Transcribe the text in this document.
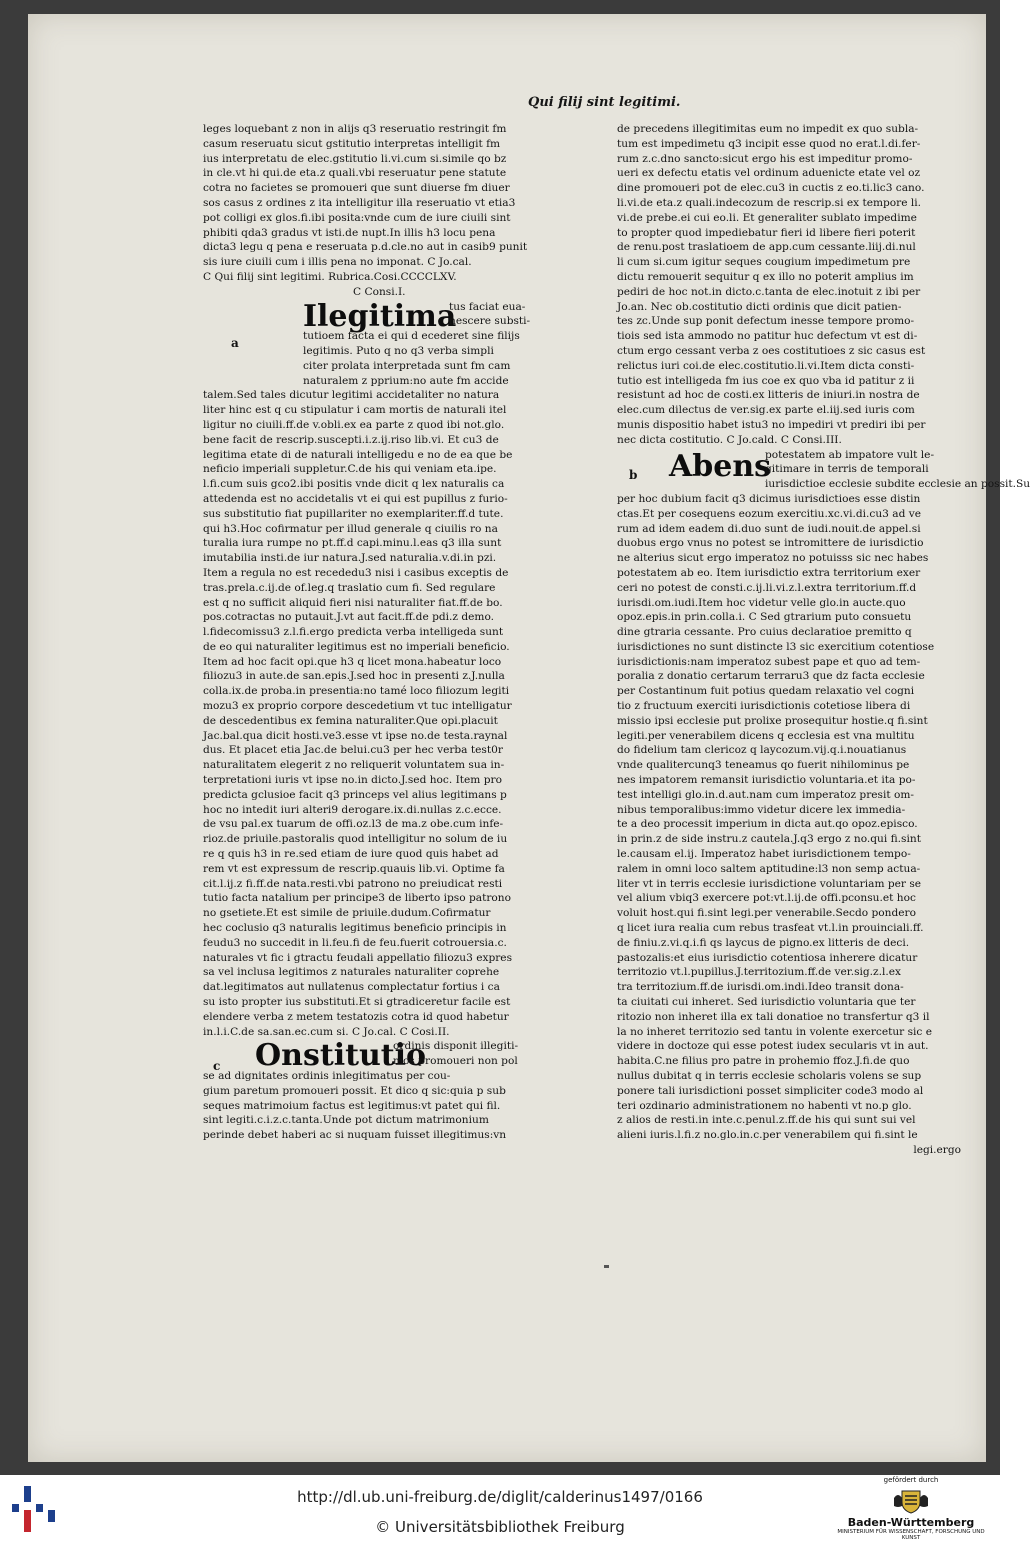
Qui filij sint legitimi.
leges loquebant z non in alijs q3 reseruatio restringit fm
casum reseruatu sicut gstitutio interpretas intelligit fm
ius interpretatu de elec.gstitutio li.vi.cum si.simile qo bz
in cle.vt hi qui.de eta.z quali.vbi reseruatur pene statute
cotra no facietes se promoueri que sunt diuerse fm diuer
sos casus z ordines z ita intelligitur illa reseruatio vt etia3
pot colligi ex glos.fi.ibi posita:vnde cum de iure ciuili sint
phibiti qda3 gradus vt isti.de nupt.In illis h3 locu pena
dicta3 legu q pena e reseruata p.d.cle.no aut in casib9 punit
sis iure ciuili cum i illis pena no imponat. C Jo.cal.
C Qui filij sint legitimi. Rubrica.Cosi.CCCCLXV.
C Consi.I.
Ilegitima
tus faciat eua-
nescere substi-
a	tutioem facta ei qui d ecederet sine filijs
legitimis. Puto q no q3 verba simpli
citer prolata interpretada sunt fm cam
naturalem z pprium:no aute fm accide
talem.Sed tales dicutur legitimi accidetaliter no natura
liter hinc est q cu stipulatur i cam mortis de naturali itel
ligitur no ciuili.ff.de v.obli.ex ea parte z quod ibi not.glo.
bene facit de rescrip.suscepti.i.z.ij.riso lib.vi. Et cu3 de
legitima etate di de naturali intelligedu e no de ea que be
neficio imperiali suppletur.C.de his qui veniam eta.ipe.
l.fi.cum suis gco2.ibi positis vnde dicit q lex naturalis ca
attedenda est no accidetalis vt ei qui est pupillus z furio-
sus substitutio fiat pupillariter no exemplariter.ff.d tute.
qui h3.Hoc cofirmatur per illud generale q ciuilis ro na
turalia iura rumpe no pt.ff.d capi.minu.l.eas q3 illa sunt
imutabilia insti.de iur natura.J.sed naturalia.v.di.in pzi.
Item a regula no est recededu3 nisi i casibus exceptis de
tras.prela.c.ij.de of.leg.q traslatio cum fi. Sed regulare
est q no sufficit aliquid fieri nisi naturaliter fiat.ff.de bo.
pos.cotractas no putauit.J.vt aut facit.ff.de pdi.z demo.
l.fidecomissu3 z.l.fi.ergo predicta verba intelligeda sunt
de eo qui naturaliter legitimus est no imperiali beneficio.
Item ad hoc facit opi.que h3 q licet mona.habeatur loco
filiozu3 in aute.de san.epis.J.sed hoc in presenti z.J.nulla
colla.ix.de proba.in presentia:no tamé loco filiozum legiti
mozu3 ex proprio corpore descedetium vt tuc intelligatur
de descedentibus ex femina naturaliter.Que opi.placuit
Jac.bal.qua dicit hosti.ve3.esse vt ipse no.de testa.raynal
dus. Et placet etia Jac.de belui.cu3 per hec verba test0r
naturalitatem elegerit z no reliquerit voluntatem sua in-
terpretationi iuris vt ipse no.in dicto.J.sed hoc. Item pro
predicta gclusioe facit q3 princeps vel alius legitimans p
hoc no intedit iuri alteri9 derogare.ix.di.nullas z.c.ecce.
de vsu pal.ex tuarum de offi.oz.l3 de ma.z obe.cum infe-
rioz.de priuile.pastoralis quod intelligitur no solum de iu
re q quis h3 in re.sed etiam de iure quod quis habet ad
rem vt est expressum de rescrip.quauis lib.vi. Optime fa
cit.l.ij.z fi.ff.de nata.resti.vbi patrono no preiudicat resti
tutio facta natalium per principe3 de liberto ipso patrono
no gsetiete.Et est simile de priuile.dudum.Cofirmatur
hec coclusio q3 naturalis legitimus beneficio principis in
feudu3 no succedit in li.feu.fi de feu.fuerit cotrouersia.c.
naturales vt fic i gtractu feudali appellatio filiozu3 expres
sa vel inclusa legitimos z naturales naturaliter coprehe
dat.legitimatos aut nullatenus complectatur fortius i ca
su isto propter ius substituti.Et si gtradiceretur facile est
elendere verba z metem testatozis cotra id quod habetur
in.l.i.C.de sa.san.ec.cum si. C Jo.cal. C Cosi.II.
Onstitutio
ordinis disponit illegiti-
mos promoueri non pol
c
se ad dignitates ordinis inlegitimatus per cou-
gium paretum promoueri possit. Et dico q sic:quia p sub
seques matrimoium factus est legitimus:vt patet qui fil.
sint legiti.c.i.z.c.tanta.Unde pot dictum matrimonium
perinde debet haberi ac si nuquam fuisset illegitimus:vn
de precedens illegitimitas eum no impedit ex quo subla-
tum est impedimetu q3 incipit esse quod no erat.l.di.fer-
rum z.c.dno sancto:sicut ergo his est impeditur promo-
ueri ex defectu etatis vel ordinum aduenicte etate vel oz
dine promoueri pot de elec.cu3 in cuctis z eo.ti.lic3 cano.
li.vi.de eta.z quali.indecozum de rescrip.si ex tempore li.
vi.de prebe.ei cui eo.li. Et generaliter sublato impedime
to propter quod impediebatur fieri id libere fieri poterit
de renu.post traslatioem de app.cum cessante.liij.di.nul
li cum si.cum igitur seques cougium impedimetum pre
dictu remouerit sequitur q ex illo no poterit amplius im
pediri de hoc not.in dicto.c.tanta de elec.inotuit z ibi per
Jo.an. Nec ob.costitutio dicti ordinis que dicit patien-
tes zc.Unde sup ponit defectum inesse tempore promo-
tiois sed ista ammodo no patitur huc defectum vt est di-
ctum ergo cessant verba z oes costitutioes z sic casus est
relictus iuri coi.de elec.costitutio.li.vi.Item dicta consti-
tutio est intelligeda fm ius coe ex quo vba id patitur z ii
resistunt ad hoc de costi.ex litteris de iniuri.in nostra de
elec.cum dilectus de ver.sig.ex parte el.iij.sed iuris com
munis dispositio habet istu3 no impediri vt prediri ibi per
nec dicta costitutio. C Jo.cald. C Consi.III.
Abens
potestatem ab impatore vult le-
gitimare in terris de temporali
b
iurisdictioe ecclesie subdite ecclesie an possit.Su
per hoc dubium facit q3 dicimus iurisdictioes esse distin
ctas.Et per cosequens eozum exercitiu.xc.vi.di.cu3 ad ve
rum ad idem eadem di.duo sunt de iudi.nouit.de appel.si
duobus ergo vnus no potest se intromittere de iurisdictio
ne alterius sicut ergo imperatoz no potuisss sic nec habes
potestatem ab eo. Item iurisdictio extra territorium exer
ceri no potest de consti.c.ij.li.vi.z.l.extra territorium.ff.d
iurisdi.om.iudi.Item hoc videtur velle glo.in aucte.quo
opoz.epis.in prin.colla.i. C Sed gtrarium puto consuetu
dine gtraria cessante. Pro cuius declaratioe premitto q
iurisdictiones no sunt distincte l3 sic exercitium cotentiose
iurisdictionis:nam imperatoz subest pape et quo ad tem-
poralia z donatio certarum terraru3 que dz facta ecclesie
per Costantinum fuit potius quedam relaxatio vel cogni
tio z fructuum exerciti iurisdictionis cotetiose libera di
missio ipsi ecclesie put prolixe prosequitur hostie.q fi.sint
legiti.per venerabilem dicens q ecclesia est vna multitu
do fidelium tam clericoz q laycozum.vij.q.i.nouatianus
vnde qualitercunq3 teneamus qo fuerit nihilominus pe
nes impatorem remansit iurisdictio voluntaria.et ita po-
test intelligi glo.in.d.aut.nam cum imperatoz presit om-
nibus temporalibus:immo videtur dicere lex immedia-
te a deo processit imperium in dicta aut.qo opoz.episco.
in prin.z de side instru.z cautela.J.q3 ergo z no.qui fi.sint
le.causam el.ij. Imperatoz habet iurisdictionem tempo-
ralem in omni loco saltem aptitudine:l3 non semp actua-
liter vt in terris ecclesie iurisdictione voluntariam per se
vel alium vbiq3 exercere pot:vt.l.ij.de offi.pconsu.et hoc
voluit host.qui fi.sint legi.per venerabile.Secdo pondero
q licet iura realia cum rebus trasfeat vt.l.in prouinciali.ff.
de finiu.z.vi.q.i.fi qs laycus de pigno.ex litteris de deci.
pastozalis:et eius iurisdictio cotentiosa inherere dicatur
territozio vt.l.pupillus.J.territozium.ff.de ver.sig.z.l.ex
tra territozium.ff.de iurisdi.om.indi.Ideo transit dona-
ta ciuitati cui inheret. Sed iurisdictio voluntaria que ter
ritozio non inheret illa ex tali donatioe no transfertur q3 il
la no inheret territozio sed tantu in volente exercetur sic e
videre in doctoze qui esse potest iudex secularis vt in aut.
habita.C.ne filius pro patre in prohemio ffoz.J.fi.de quo
nullus dubitat q in terris ecclesie scholaris volens se sup
ponere tali iurisdictioni posset simpliciter code3 modo al
teri ozdinario administrationem no habenti vt no.p glo.
z alios de resti.in inte.c.penul.z.ff.de his qui sunt sui vel
alieni iuris.l.fi.z no.glo.in.c.per venerabilem qui fi.sint le
legi.ergo
http://dl.ub.uni-freiburg.de/diglit/calderinus1497/0166
© Universitätsbibliothek Freiburg
gefördert durch
Baden-Württemberg
MINISTERIUM FÜR WISSENSCHAFT, FORSCHUNG UND KUNST
